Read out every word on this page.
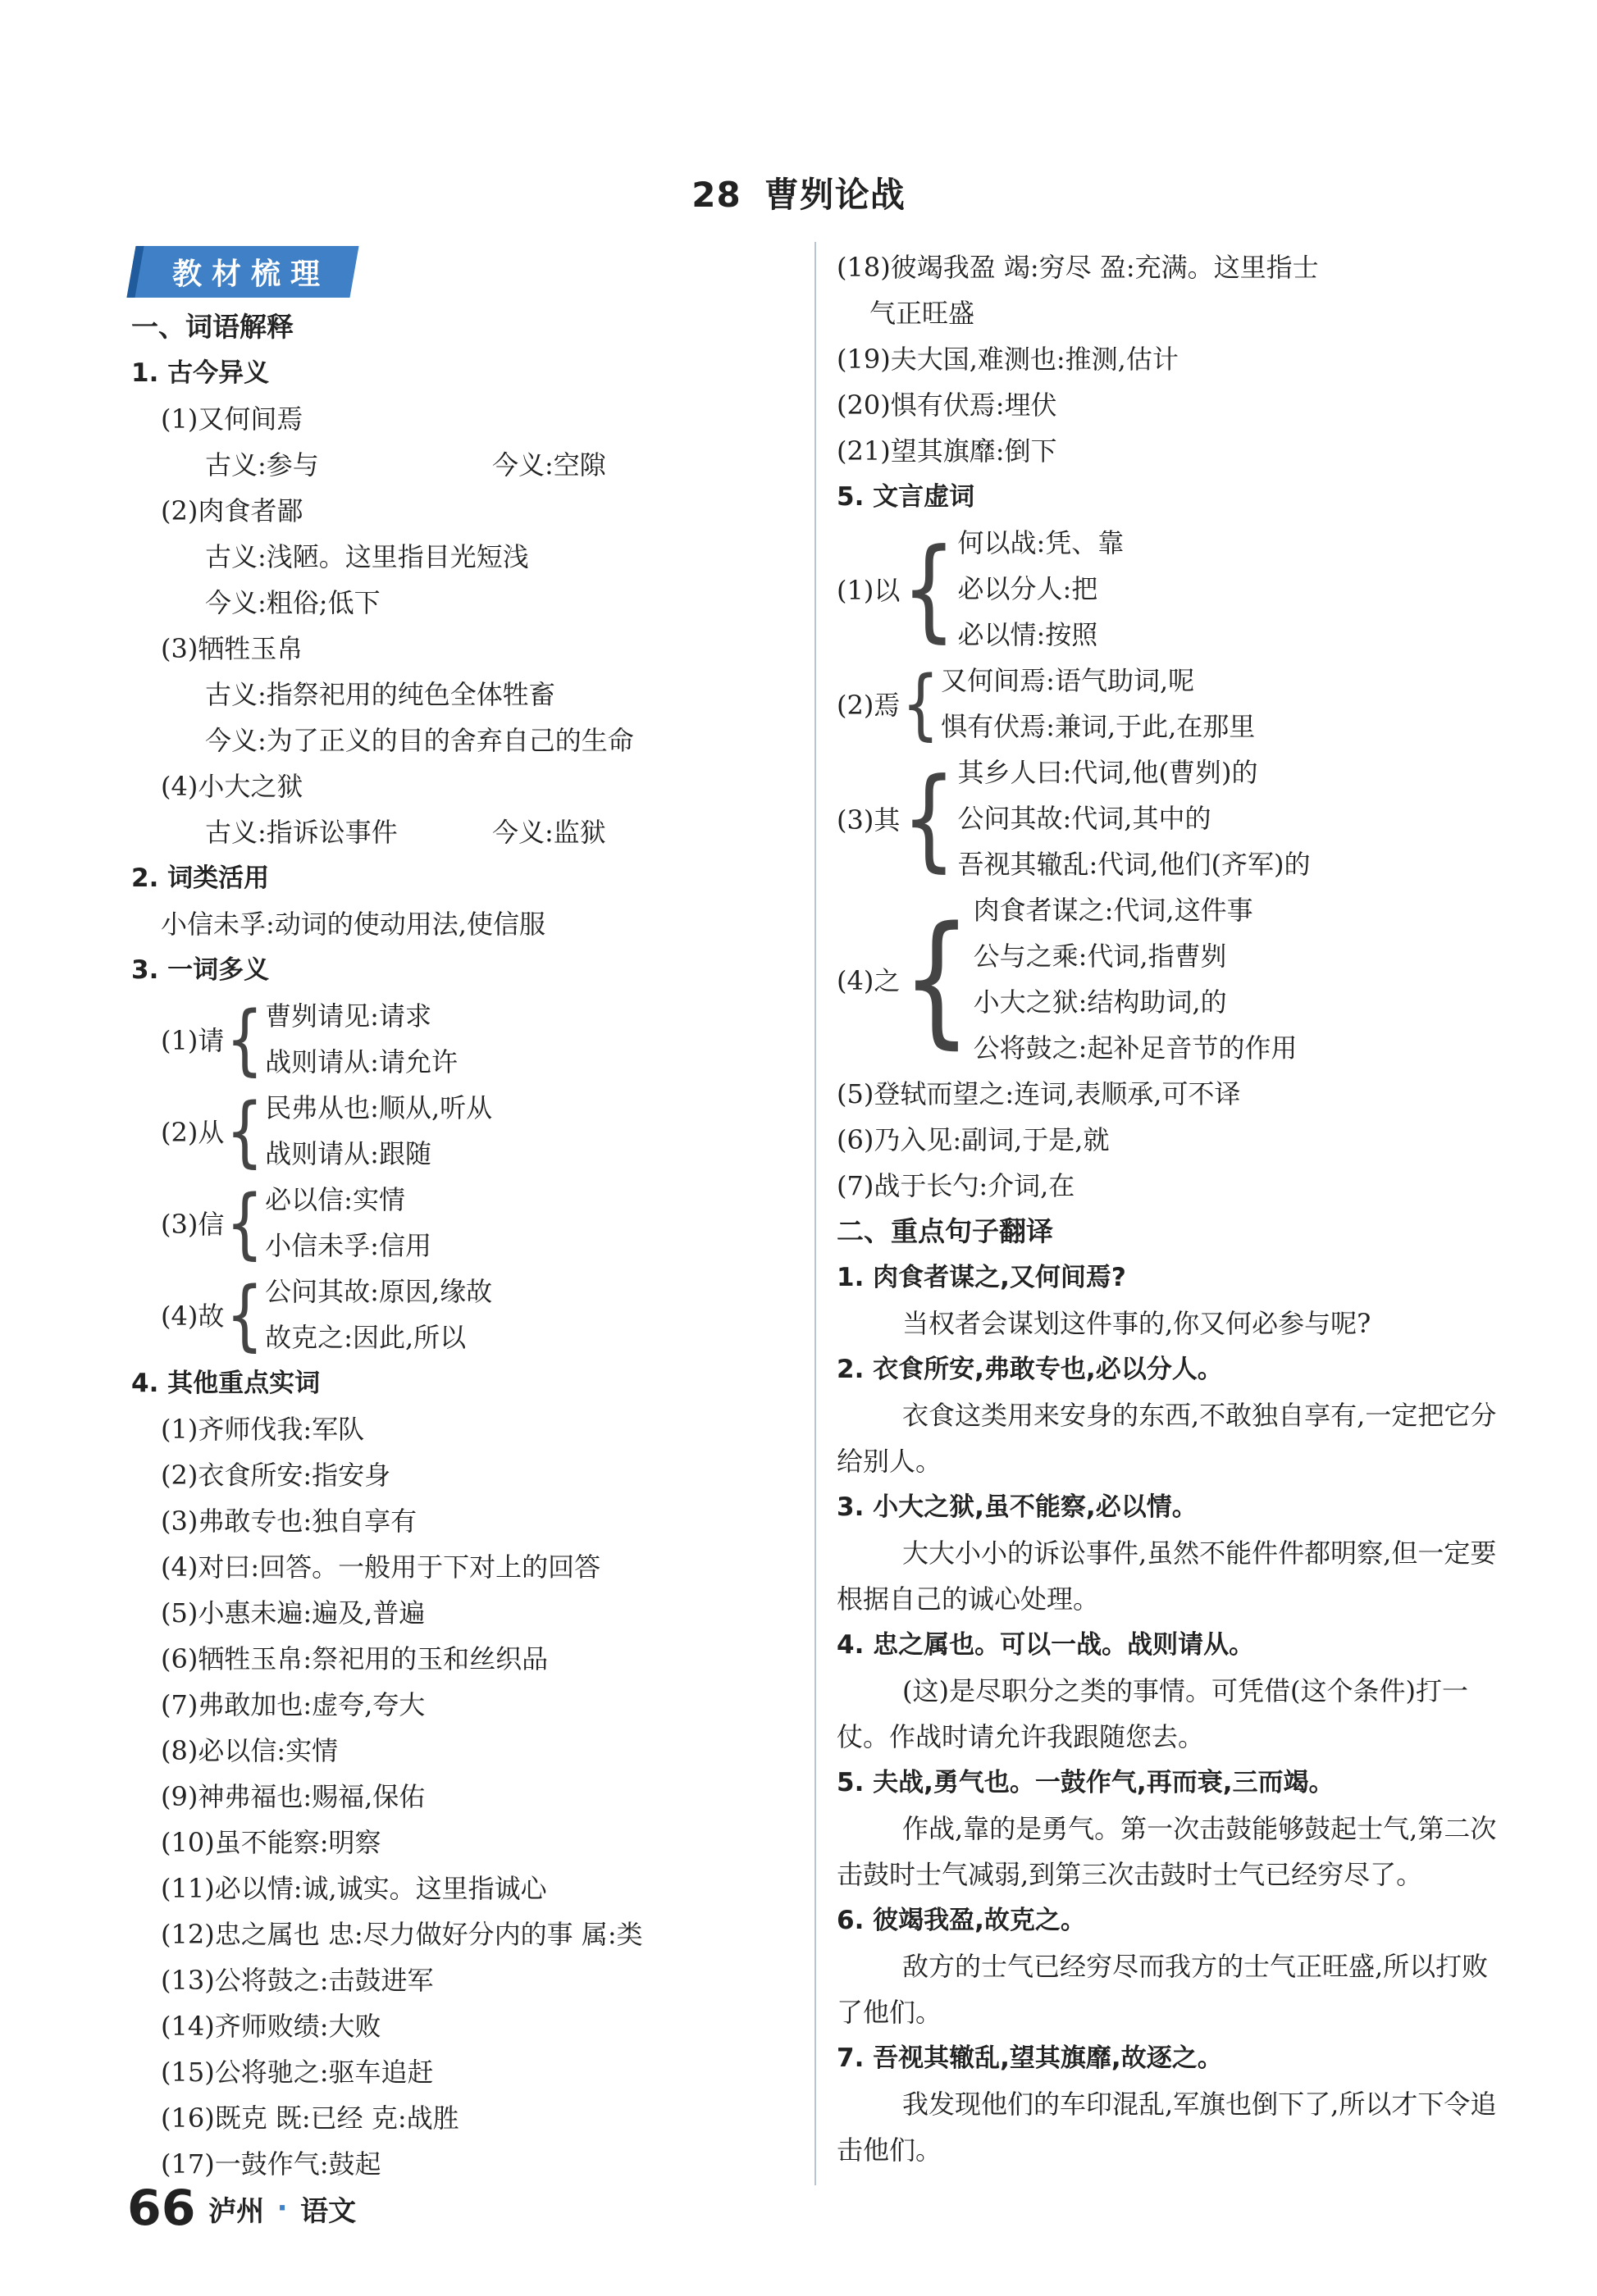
28 曹刿论战
教材梳理
一、词语解释
1. 古今异义
(1)又何间焉
古义:参与	今义:空隙
(2)肉食者鄙
古义:浅陋。这里指目光短浅
今义:粗俗;低下
(3)牺牲玉帛
古义:指祭祀用的纯色全体牲畜
今义:为了正义的目的舍弃自己的生命
(4)小大之狱
古义:指诉讼事件	今义:监狱
2. 词类活用
小信未孚:动词的使动用法,使信服
3. 一词多义
(1)请 { 曹刿请见:请求
战则请从:请允许
(2)从 { 民弗从也:顺从,听从
战则请从:跟随
(3)信 { 必以信:实情
小信未孚:信用
(4)故 { 公问其故:原因,缘故
故克之:因此,所以
4. 其他重点实词
(1)齐师伐我:军队
(2)衣食所安:指安身
(3)弗敢专也:独自享有
(4)对曰:回答。一般用于下对上的回答
(5)小惠未遍:遍及,普遍
(6)牺牲玉帛:祭祀用的玉和丝织品
(7)弗敢加也:虚夸,夸大
(8)必以信:实情
(9)神弗福也:赐福,保佑
(10)虽不能察:明察
(11)必以情:诚,诚实。这里指诚心
(12)忠之属也 忠:尽力做好分内的事 属:类
(13)公将鼓之:击鼓进军
(14)齐师败绩:大败
(15)公将驰之:驱车追赶
(16)既克 既:已经 克:战胜
(17)一鼓作气:鼓起
(18)彼竭我盈 竭:穷尽 盈:充满。这里指士
气正旺盛
(19)夫大国,难测也:推测,估计
(20)惧有伏焉:埋伏
(21)望其旗靡:倒下
5. 文言虚词
(1)以 { 何以战:凭、靠
必以分人:把
必以情:按照
(2)焉 { 又何间焉:语气助词,呢
惧有伏焉:兼词,于此,在那里
(3)其 { 其乡人曰:代词,他(曹刿)的
公问其故:代词,其中的
吾视其辙乱:代词,他们(齐军)的
(4)之 { 肉食者谋之:代词,这件事
公与之乘:代词,指曹刿
小大之狱:结构助词,的
公将鼓之:起补足音节的作用
(5)登轼而望之:连词,表顺承,可不译
(6)乃入见:副词,于是,就
(7)战于长勺:介词,在
二、重点句子翻译
1. 肉食者谋之,又何间焉?
当权者会谋划这件事的,你又何必参与呢?
2. 衣食所安,弗敢专也,必以分人。
衣食这类用来安身的东西,不敢独自享有,一定把它分给别人。
3. 小大之狱,虽不能察,必以情。
大大小小的诉讼事件,虽然不能件件都明察,但一定要根据自己的诚心处理。
4. 忠之属也。可以一战。战则请从。
(这)是尽职分之类的事情。可凭借(这个条件)打一仗。作战时请允许我跟随您去。
5. 夫战,勇气也。一鼓作气,再而衰,三而竭。
作战,靠的是勇气。第一次击鼓能够鼓起士气,第二次击鼓时士气减弱,到第三次击鼓时士气已经穷尽了。
6. 彼竭我盈,故克之。
敌方的士气已经穷尽而我方的士气正旺盛,所以打败了他们。
7. 吾视其辙乱,望其旗靡,故逐之。
我发现他们的车印混乱,军旗也倒下了,所以才下令追击他们。
66 泸州 · 语文
